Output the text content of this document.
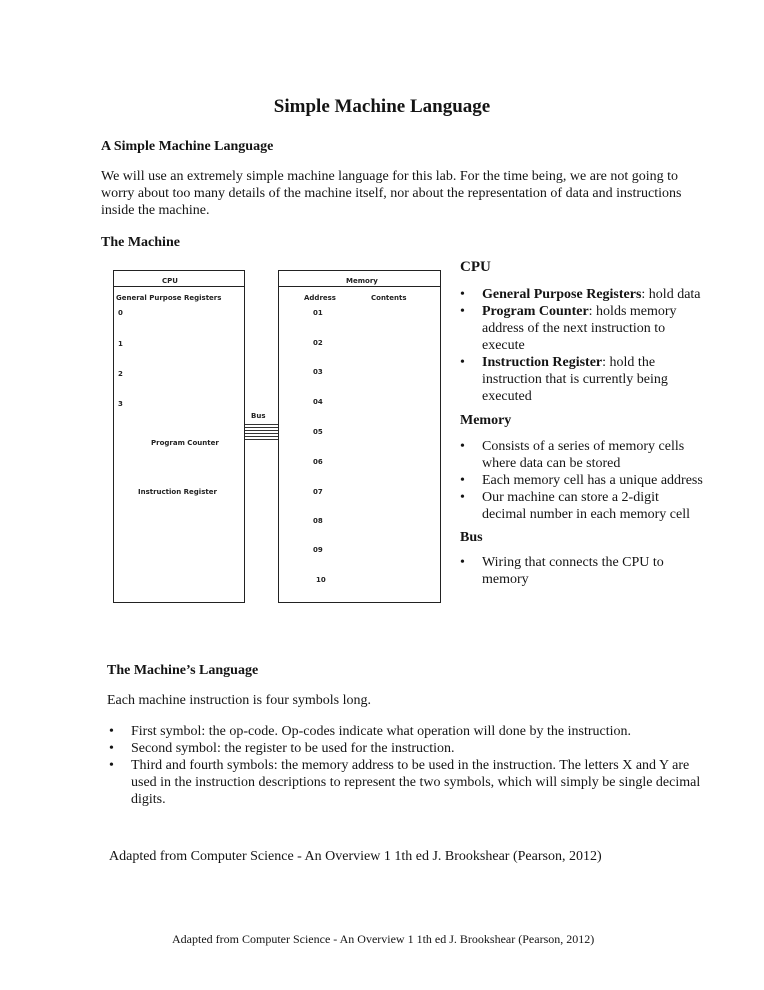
Simple Machine Language
A Simple Machine Language
We will use an extremely simple machine language for this lab. For the time being, we are not going to worry about too many details of the machine itself, nor about the representation of data and instructions inside the machine.
The Machine
CPU
General Purpose Registers
0
1
2
3
Program Counter
Instruction Register
Bus
Memory
Address	Contents
01
02
03
04
05
06
07
08
09
10
CPU
• General Purpose Registers: hold data
• Program Counter: holds memory address of the next instruction to execute
• Instruction Register: hold the instruction that is currently being executed
Memory
• Consists of a series of memory cells where data can be stored
• Each memory cell has a unique address
• Our machine can store a 2-digit decimal number in each memory cell
Bus
• Wiring that connects the CPU to memory
The Machine’s Language
Each machine instruction is four symbols long.
• First symbol: the op-code. Op-codes indicate what operation will done by the instruction.
• Second symbol: the register to be used for the instruction.
• Third and fourth symbols: the memory address to be used in the instruction. The letters X and Y are used in the instruction descriptions to represent the two symbols, which will simply be single decimal digits.
Adapted from Computer Science - An Overview 1 1th ed J. Brookshear (Pearson, 2012)
Adapted from Computer Science - An Overview 1 1th ed J. Brookshear (Pearson, 2012)
